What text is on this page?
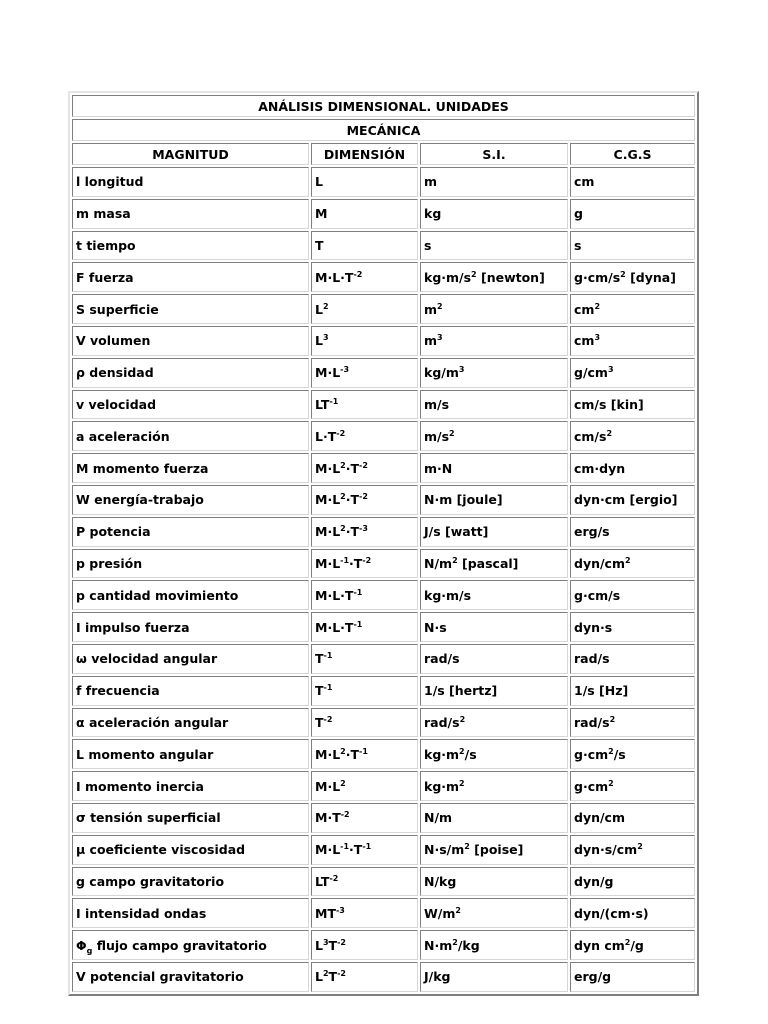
ANÁLISIS DIMENSIONAL. UNIDADES			
MECÁNICA			
MAGNITUD	DIMENSIÓN	S.I.	C.G.S
l longitud	L	m	cm
m masa	M	kg	g
t tiempo	T	s	s
F fuerza	$M\cdot L\cdot T^{-2}$	$kg\cdot m/s^2$ [newton]	$g\cdot cm/s^2$ [dyna]
S superficie	$L^2$	$m^2$	$cm^2$
V volumen	$L^3$	$m^3$	$cm^3$
ρ densidad	$M\cdot L^{-3}$	$kg/m^3$	$g/cm^3$
v velocidad	$LT^{-1}$	m/s	cm/s [kin]
a aceleración	$L\cdot T^{-2}$	$m/s^2$	$cm/s^2$
M momento fuerza	$M\cdot L^2\cdot T^{-2}$	m·N	cm·dyn
W energía-trabajo	$M\cdot L^2\cdot T^{-2}$	N·m [joule]	dyn·cm [ergio]
P potencia	$M\cdot L^2\cdot T^{-3}$	J/s [watt]	erg/s
p presión	$M\cdot L^{-1}\cdot T^{-2}$	$N/m^2$ [pascal]	dyn/$cm^2$
p cantidad movimiento	$M\cdot L\cdot T^{-1}$	kg·m/s	g·cm/s
I impulso fuerza	$M\cdot L\cdot T^{-1}$	N·s	dyn·s
ω velocidad angular	$T^{-1}$	rad/s	rad/s
f frecuencia	$T^{-1}$	1/s [hertz]	1/s [Hz]
α aceleración angular	$T^{-2}$	rad/$s^2$	rad/$s^2$
L momento angular	$M\cdot L^2\cdot T^{-1}$	$kg\cdot m^2/s$	$g\cdot cm^2/s$
I momento inercia	$M\cdot L^2$	$kg\cdot m^2$	$g\cdot cm^2$
σ tensión superficial	$M\cdot T^{-2}$	N/m	dyn/cm
μ coeficiente viscosidad	$M\cdot L^{-1}\cdot T^{-1}$	$N\cdot s/m^2$ [poise]	$dyn\cdot s/cm^2$
g campo gravitatorio	$LT^{-2}$	N/kg	dyn/g
I intensidad ondas	$MT^{-3}$	$W/m^2$	dyn/(cm·s)
$\Phi_g$ flujo campo gravitatorio	$L^3T^{-2}$	$N\cdot m^2/kg$	dyn $cm^2/g$
V potencial gravitatorio	$L^2T^{-2}$	J/kg	erg/g
